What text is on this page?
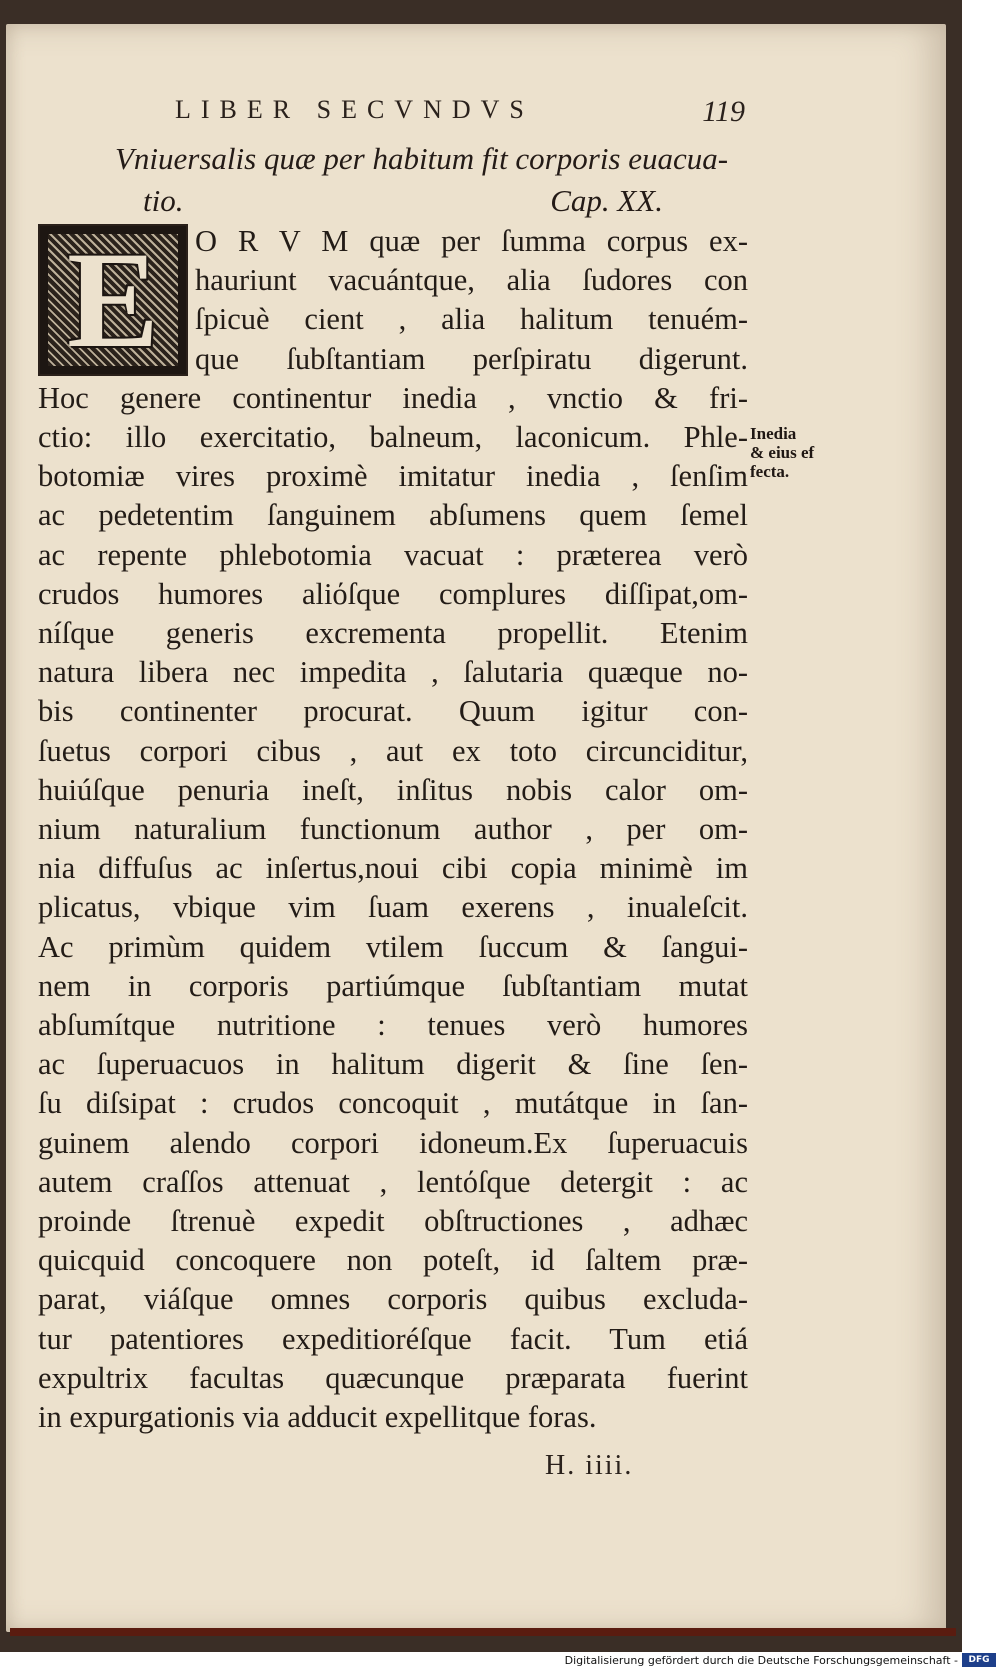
LIBER SECVNDVS	119
Vniuersalis quæ per habitum fit corporis euacua-
tio.	Cap. XX.
E	O R V M quæ per ſumma corpus ex-
hauriunt vacuántque, alia ſudores con
ſpicuè cient , alia halitum tenuém-
que ſubſtantiam perſpiratu digerunt.
Hoc genere continentur inedia , vnctio & fri-
ctio: illo exercitatio, balneum, laconicum. Phle-
botomiæ vires proximè imitatur inedia , ſenſim
ac pedetentim ſanguinem abſumens quem ſemel
ac repente phlebotomia vacuat : præterea verò
crudos humores aliόſque complures diſſipat,om-
níſque generis excrementa propellit. Etenim
natura libera nec impedita , ſalutaria quæque no-
bis continenter procurat. Quum igitur con-
ſuetus corpori cibus , aut ex toto circunciditur,
huiúſque penuria ineſt, inſitus nobis calor om-
nium naturalium functionum author , per om-
nia diffuſus ac inſertus,noui cibi copia minimè im
plicatus, vbique vim ſuam exerens , inualeſcit.
Ac primùm quidem vtilem ſuccum & ſangui-
nem in corporis partiúmque ſubſtantiam mutat
abſumítque nutritione : tenues verò humores
ac ſuperuacuos in halitum digerit & ſine ſen-
ſu diſsipat : crudos concoquit , mutátque in ſan-
guinem alendo corpori idoneum.Ex ſuperuacuis
autem craſſos attenuat , lentόſque detergit : ac
proinde ſtrenuè expedit obſtructiones , adhæc
quicquid concoquere non poteſt, id ſaltem præ-
parat, viáſque omnes corporis quibus excluda-
tur patentiores expeditioréſque facit. Tum etiá
expultrix facultas quæcunque præparata fuerint
in expurgationis via adducit expellitque foras.
Inedia
& eius ef
fecta.
H. iiii.
Digitalisierung gefördert durch die Deutsche Forschungsgemeinschaft -	DFG
